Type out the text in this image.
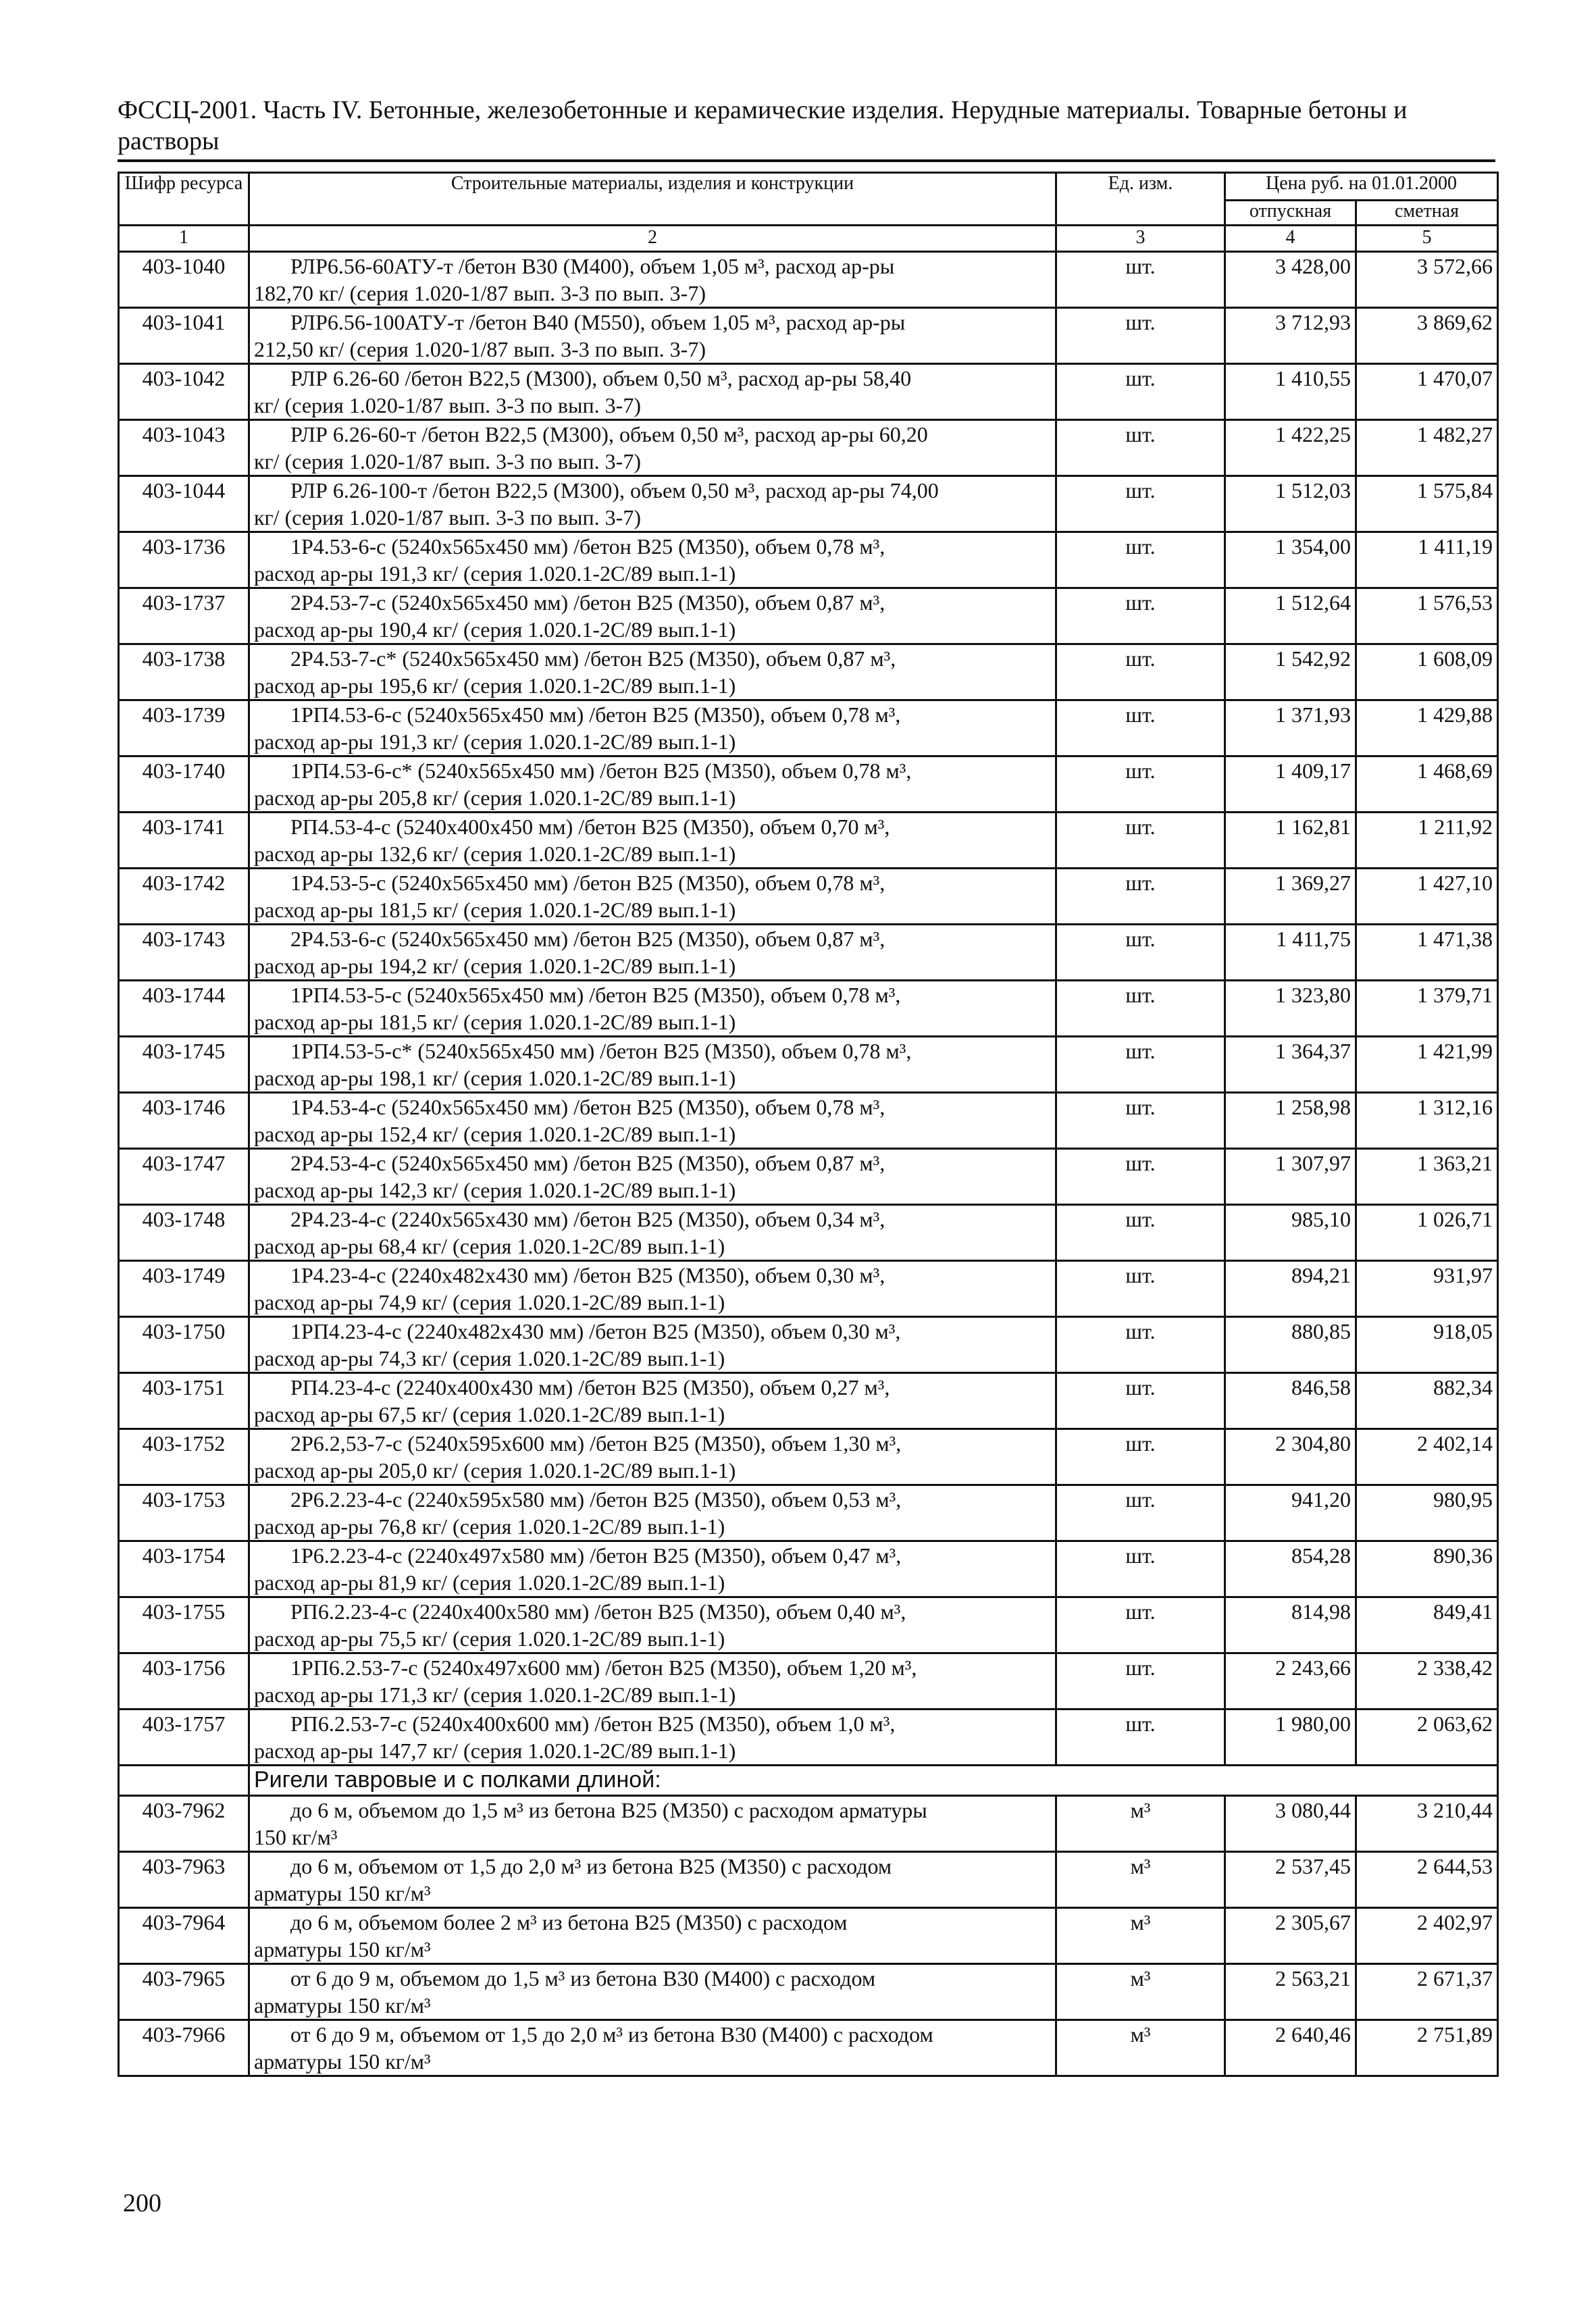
ФССЦ-2001. Часть IV. Бетонные, железобетонные и керамические изделия. Нерудные материалы. Товарные бетоны и растворы
Шифр ресурса	Строительные материалы, изделия и конструкции	Ед. изм.	Цена руб. на 01.01.2000	
			отпускная	сметная
1	2	3	4	5
403-1040	РЛР6.56-60АТУ-т /бетон В30 (М400), объем 1,05 м³, расход ар-ры
182,70 кг/ (серия 1.020-1/87 вып. 3-3 по вып. 3-7)	шт.	3 428,00	3 572,66
403-1041	РЛР6.56-100АТУ-т /бетон В40 (М550), объем 1,05 м³, расход ар-ры
212,50 кг/ (серия 1.020-1/87 вып. 3-3 по вып. 3-7)	шт.	3 712,93	3 869,62
403-1042	РЛР 6.26-60 /бетон В22,5 (М300), объем 0,50 м³, расход ар-ры 58,40
кг/ (серия 1.020-1/87 вып. 3-3 по вып. 3-7)	шт.	1 410,55	1 470,07
403-1043	РЛР 6.26-60-т /бетон В22,5 (М300), объем 0,50 м³, расход ар-ры 60,20
кг/ (серия 1.020-1/87 вып. 3-3 по вып. 3-7)	шт.	1 422,25	1 482,27
403-1044	РЛР 6.26-100-т /бетон В22,5 (М300), объем 0,50 м³, расход ар-ры 74,00
кг/ (серия 1.020-1/87 вып. 3-3 по вып. 3-7)	шт.	1 512,03	1 575,84
403-1736	1Р4.53-6-с (5240x565x450 мм) /бетон В25 (М350), объем 0,78 м³,
расход ар-ры 191,3 кг/ (серия 1.020.1-2С/89 вып.1-1)	шт.	1 354,00	1 411,19
403-1737	2Р4.53-7-с (5240x565x450 мм) /бетон В25 (М350), объем 0,87 м³,
расход ар-ры 190,4 кг/ (серия 1.020.1-2С/89 вып.1-1)	шт.	1 512,64	1 576,53
403-1738	2Р4.53-7-с* (5240x565x450 мм) /бетон В25 (М350), объем 0,87 м³,
расход ар-ры 195,6 кг/ (серия 1.020.1-2С/89 вып.1-1)	шт.	1 542,92	1 608,09
403-1739	1РП4.53-6-с (5240x565x450 мм) /бетон В25 (М350), объем 0,78 м³,
расход ар-ры 191,3 кг/ (серия 1.020.1-2С/89 вып.1-1)	шт.	1 371,93	1 429,88
403-1740	1РП4.53-6-с* (5240x565x450 мм) /бетон В25 (М350), объем 0,78 м³,
расход ар-ры 205,8 кг/ (серия 1.020.1-2С/89 вып.1-1)	шт.	1 409,17	1 468,69
403-1741	РП4.53-4-с (5240x400x450 мм) /бетон В25 (М350), объем 0,70 м³,
расход ар-ры 132,6 кг/ (серия 1.020.1-2С/89 вып.1-1)	шт.	1 162,81	1 211,92
403-1742	1Р4.53-5-с (5240x565x450 мм) /бетон В25 (М350), объем 0,78 м³,
расход ар-ры 181,5 кг/ (серия 1.020.1-2С/89 вып.1-1)	шт.	1 369,27	1 427,10
403-1743	2Р4.53-6-с (5240x565x450 мм) /бетон В25 (М350), объем 0,87 м³,
расход ар-ры 194,2 кг/ (серия 1.020.1-2С/89 вып.1-1)	шт.	1 411,75	1 471,38
403-1744	1РП4.53-5-с (5240x565x450 мм) /бетон В25 (М350), объем 0,78 м³,
расход ар-ры 181,5 кг/ (серия 1.020.1-2С/89 вып.1-1)	шт.	1 323,80	1 379,71
403-1745	1РП4.53-5-с* (5240x565x450 мм) /бетон В25 (М350), объем 0,78 м³,
расход ар-ры 198,1 кг/ (серия 1.020.1-2С/89 вып.1-1)	шт.	1 364,37	1 421,99
403-1746	1Р4.53-4-с (5240x565x450 мм) /бетон В25 (М350), объем 0,78 м³,
расход ар-ры 152,4 кг/ (серия 1.020.1-2С/89 вып.1-1)	шт.	1 258,98	1 312,16
403-1747	2Р4.53-4-с (5240x565x450 мм) /бетон В25 (М350), объем 0,87 м³,
расход ар-ры 142,3 кг/ (серия 1.020.1-2С/89 вып.1-1)	шт.	1 307,97	1 363,21
403-1748	2Р4.23-4-с (2240x565x430 мм) /бетон В25 (М350), объем 0,34 м³,
расход ар-ры 68,4 кг/ (серия 1.020.1-2С/89 вып.1-1)	шт.	985,10	1 026,71
403-1749	1Р4.23-4-с (2240x482x430 мм) /бетон В25 (М350), объем 0,30 м³,
расход ар-ры 74,9 кг/ (серия 1.020.1-2С/89 вып.1-1)	шт.	894,21	931,97
403-1750	1РП4.23-4-с (2240x482x430 мм) /бетон В25 (М350), объем 0,30 м³,
расход ар-ры 74,3 кг/ (серия 1.020.1-2С/89 вып.1-1)	шт.	880,85	918,05
403-1751	РП4.23-4-с (2240x400x430 мм) /бетон В25 (М350), объем 0,27 м³,
расход ар-ры 67,5 кг/ (серия 1.020.1-2С/89 вып.1-1)	шт.	846,58	882,34
403-1752	2Р6.2,53-7-с (5240x595x600 мм) /бетон В25 (М350), объем 1,30 м³,
расход ар-ры 205,0 кг/ (серия 1.020.1-2С/89 вып.1-1)	шт.	2 304,80	2 402,14
403-1753	2Р6.2.23-4-с (2240x595x580 мм) /бетон В25 (М350), объем 0,53 м³,
расход ар-ры 76,8 кг/ (серия 1.020.1-2С/89 вып.1-1)	шт.	941,20	980,95
403-1754	1Р6.2.23-4-с (2240x497x580 мм) /бетон В25 (М350), объем 0,47 м³,
расход ар-ры 81,9 кг/ (серия 1.020.1-2С/89 вып.1-1)	шт.	854,28	890,36
403-1755	РП6.2.23-4-с (2240x400x580 мм) /бетон В25 (М350), объем 0,40 м³,
расход ар-ры 75,5 кг/ (серия 1.020.1-2С/89 вып.1-1)	шт.	814,98	849,41
403-1756	1РП6.2.53-7-с (5240x497x600 мм) /бетон В25 (М350), объем 1,20 м³,
расход ар-ры 171,3 кг/ (серия 1.020.1-2С/89 вып.1-1)	шт.	2 243,66	2 338,42
403-1757	РП6.2.53-7-с (5240x400x600 мм) /бетон В25 (М350), объем 1,0 м³,
расход ар-ры 147,7 кг/ (серия 1.020.1-2С/89 вып.1-1)	шт.	1 980,00	2 063,62
	Ригели тавровые и с полками длиной:			
403-7962	до 6 м, объемом до 1,5 м³ из бетона В25 (М350) с расходом арматуры
150 кг/м³	м³	3 080,44	3 210,44
403-7963	до 6 м, объемом от 1,5 до 2,0 м³ из бетона В25 (М350) с расходом
арматуры 150 кг/м³	м³	2 537,45	2 644,53
403-7964	до 6 м, объемом более 2 м³ из бетона В25 (М350) с расходом
арматуры 150 кг/м³	м³	2 305,67	2 402,97
403-7965	от 6 до 9 м, объемом до 1,5 м³ из бетона В30 (М400) с расходом
арматуры 150 кг/м³	м³	2 563,21	2 671,37
403-7966	от 6 до 9 м, объемом от 1,5 до 2,0 м³ из бетона В30 (М400) с расходом
арматуры 150 кг/м³	м³	2 640,46	2 751,89
200
